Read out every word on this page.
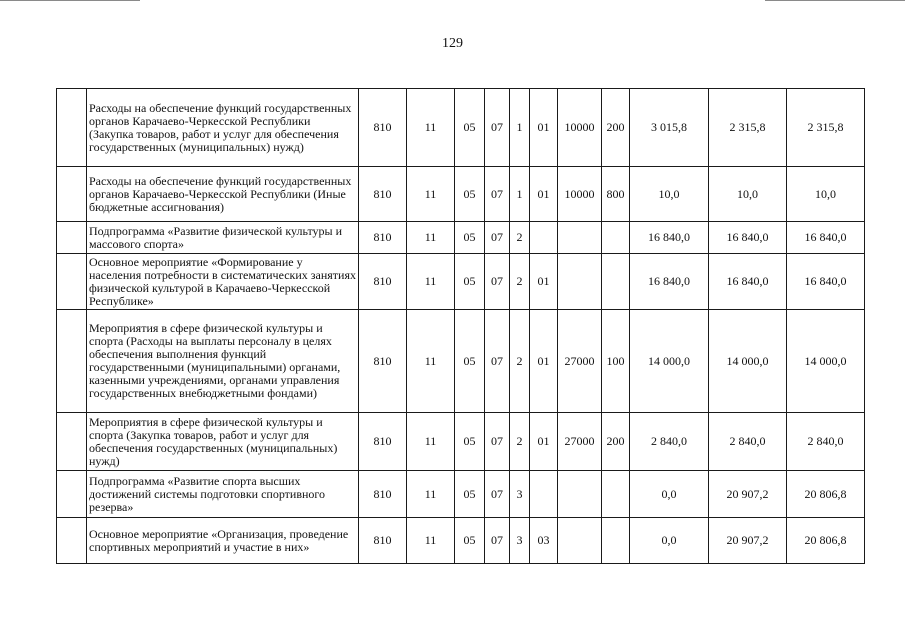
129
	Расходы на обеспечение функций государственных органов Карачаево-Черкесской Республики (Закупка товаров, работ и услуг для обеспечения государственных (муниципальных) нужд)	810	11	05	07	1	01	10000	200	3 015,8	2 315,8	2 315,8
	Расходы на обеспечение функций государственных органов Карачаево-Черкесской Республики (Иные бюджетные ассигнования)	810	11	05	07	1	01	10000	800	10,0	10,0	10,0
	Подпрограмма «Развитие физической культуры и массового спорта»	810	11	05	07	2				16 840,0	16 840,0	16 840,0
	Основное мероприятие «Формирование у населения потребности в систематических занятиях физической культурой в Карачаево-Черкесской Республике»	810	11	05	07	2	01			16 840,0	16 840,0	16 840,0
	Мероприятия в сфере физической культуры и спорта (Расходы на выплаты персоналу в целях обеспечения выполнения функций государственными (муниципальными) органами, казенными учреждениями, органами управления государственных внебюджетными фондами)	810	11	05	07	2	01	27000	100	14 000,0	14 000,0	14 000,0
	Мероприятия в сфере физической культуры и спорта (Закупка товаров, работ и услуг для обеспечения государственных (муниципальных) нужд)	810	11	05	07	2	01	27000	200	2 840,0	2 840,0	2 840,0
	Подпрограмма «Развитие спорта высших достижений системы подготовки спортивного резерва»	810	11	05	07	3				0,0	20 907,2	20 806,8
	Основное мероприятие «Организация, проведение спортивных мероприятий и участие в них»	810	11	05	07	3	03			0,0	20 907,2	20 806,8
